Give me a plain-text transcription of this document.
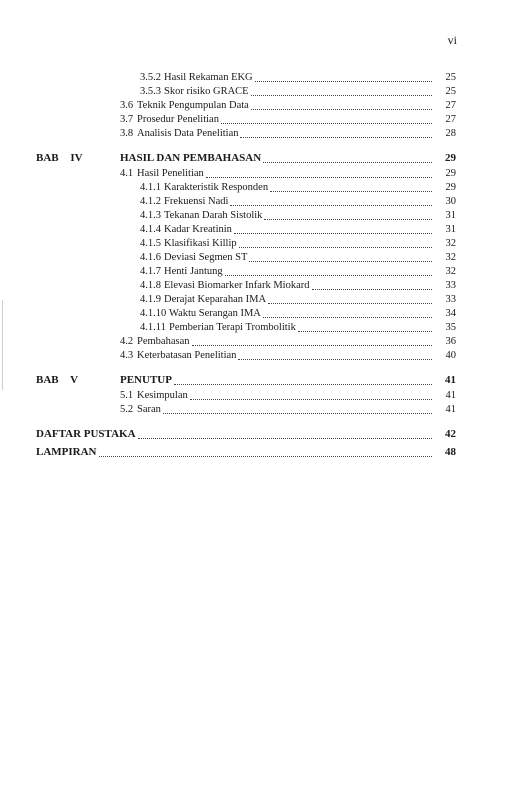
vi
3.5.2 Hasil Rekaman EKG	25
3.5.3 Skor risiko GRACE	25
3.6 Teknik Pengumpulan Data	27
3.7 Prosedur Penelitian	27
3.8 Analisis Data Penelitian	28
BAB IV	HASIL DAN PEMBAHASAN	29
4.1 Hasil Penelitian	29
4.1.1 Karakteristik Responden	29
4.1.2 Frekuensi Nadi	30
4.1.3 Tekanan Darah Sistolik	31
4.1.4 Kadar Kreatinin	31
4.1.5 Klasifikasi Killip	32
4.1.6 Deviasi Segmen ST	32
4.1.7 Henti Jantung	32
4.1.8 Elevasi Biomarker Infark Miokard	33
4.1.9 Derajat Keparahan IMA	33
4.1.10 Waktu Serangan IMA	34
4.1.11 Pemberian Terapi Trombolitik	35
4.2 Pembahasan	36
4.3 Keterbatasan Penelitian	40
BAB V	PENUTUP	41
5.1 Kesimpulan	41
5.2 Saran	41
DAFTAR PUSTAKA	42
LAMPIRAN	48
